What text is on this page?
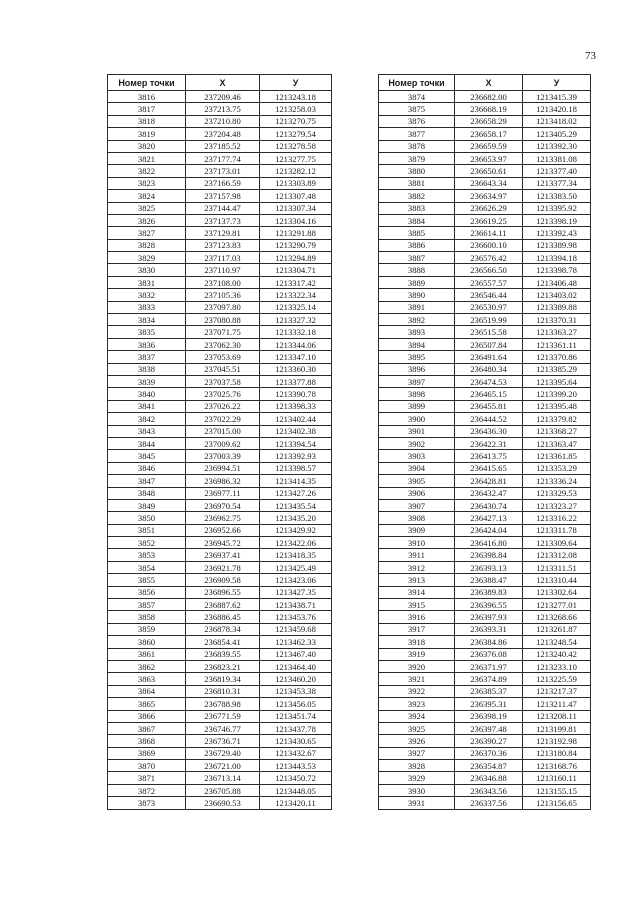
73
Номер точки	X	У
3816	237209.46	1213243.18
3817	237213.75	1213258.03
3818	237210.80	1213270.75
3819	237204.48	1213279.54
3820	237185.52	1213278.58
3821	237177.74	1213277.75
3822	237173.01	1213282.12
3823	237166.59	1213303.89
3824	237157.98	1213307.48
3825	237144.47	1213307.34
3826	237137.73	1213304.16
3827	237129.81	1213291.88
3828	237123.83	1213290.79
3829	237117.03	1213294.89
3830	237110.97	1213304.71
3831	237108.00	1213317.42
3832	237105.36	1213322.34
3833	237097.80	1213325.14
3834	237080.88	1213327.32
3835	237071.75	1213332.18
3836	237062.30	1213344.06
3837	237053.69	1213347.10
3838	237045.51	1213360.30
3839	237037.58	1213377.88
3840	237025.76	1213390.78
3841	237026.22	1213398.33
3842	237022.29	1213402.44
3843	237015.00	1213402.38
3844	237009.62	1213394.54
3845	237003.39	1213392.93
3846	236994.51	1213398.57
3847	236986.32	1213414.35
3848	236977.11	1213427.26
3849	236970.54	1213435.54
3850	236962.75	1213435.20
3851	236952.66	1213429.92
3852	236945.72	1213422.06
3853	236937.41	1213418.35
3854	236921.78	1213425.49
3855	236909.58	1213423.06
3856	236896.55	1213427.35
3857	236887.62	1213438.71
3858	236886.45	1213453.76
3859	236878.34	1213459.68
3860	236854.41	1213462.33
3861	236839.55	1213467.40
3862	236823.21	1213464.40
3863	236819.34	1213460.20
3864	236810.31	1213453.38
3865	236788.98	1213456.05
3866	236771.59	1213451.74
3867	236746.77	1213437.78
3868	236736.71	1213430.65
3869	236729.40	1213432.67
3870	236721.00	1213443.53
3871	236713.14	1213450.72
3872	236705.88	1213448.05
3873	236690.53	1213420.11
Номер точки	X	У
3874	236682.00	1213415.39
3875	236668.19	1213420.18
3876	236658.29	1213418.02
3877	236658.17	1213405.29
3878	236659.59	1213392.30
3879	236653.97	1213381.08
3880	236650.61	1213377.40
3881	236643.34	1213377.34
3882	236634.97	1213383.50
3883	236626.29	1213395.92
3884	236619.25	1213398.19
3885	236614.11	1213392.43
3886	236600.10	1213389.98
3887	236576.42	1213394.18
3888	236566.50	1213398.78
3889	236557.57	1213406.48
3890	236546.44	1213403.02
3891	236530.97	1213389.88
3892	236519.99	1213370.31
3893	236515.58	1213363.27
3894	236507.84	1213361.11
3895	236491.64	1213370.86
3896	236480.34	1213385.29
3897	236474.53	1213395.64
3898	236465.15	1213399.20
3899	236455.81	1213395.48
3900	236444.52	1213379.82
3901	236436.30	1213368.27
3902	236422.31	1213363.47
3903	236413.75	1213361.85
3904	236415.65	1213353.29
3905	236428.81	1213336.24
3906	236432.47	1213329.53
3907	236430.74	1213323.27
3908	236427.13	1213316.22
3909	236424.04	1213311.78
3910	236416.80	1213309.64
3911	236398.84	1213312.08
3912	236393.13	1213311.51
3913	236388.47	1213310.44
3914	236389.83	1213302.64
3915	236396.55	1213277.01
3916	236397.93	1213268.66
3917	236393.31	1213261.87
3918	236384.86	1213248.54
3919	236376.08	1213240.42
3920	236371.97	1213233.10
3921	236374.89	1213225.59
3922	236385.37	1213217.37
3923	236395.31	1213211.47
3924	236398.19	1213208.11
3925	236397.48	1213199.81
3926	236390.27	1213192.98
3927	236370.36	1213180.84
3928	236354.87	1213168.76
3929	236346.88	1213160.11
3930	236343.56	1213155.15
3931	236337.56	1213156.65
